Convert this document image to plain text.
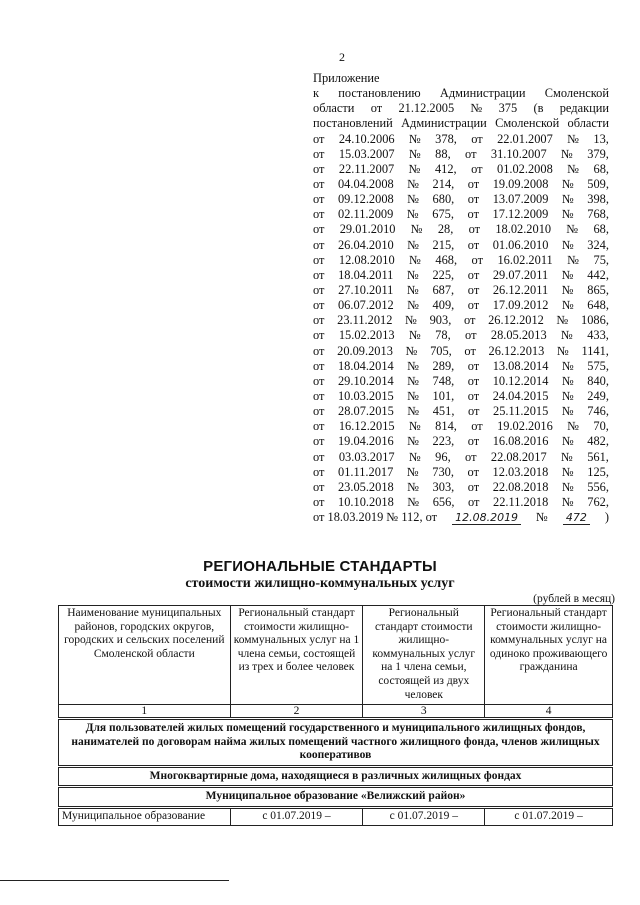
2
Приложение
к постановлению Администрации Смоленской
области от 21.12.2005 № 375 (в редакции
постановлений Администрации Смоленской области
от 24.10.2006 № 378, от 22.01.2007 № 13,
от 15.03.2007 № 88, от 31.10.2007 № 379,
от 22.11.2007 № 412, от 01.02.2008 № 68,
от 04.04.2008 № 214, от 19.09.2008 № 509,
от 09.12.2008 № 680, от 13.07.2009 № 398,
от 02.11.2009 № 675, от 17.12.2009 № 768,
от 29.01.2010 № 28, от 18.02.2010 № 68,
от 26.04.2010 № 215, от 01.06.2010 № 324,
от 12.08.2010 № 468, от 16.02.2011 № 75,
от 18.04.2011 № 225, от 29.07.2011 № 442,
от 27.10.2011 № 687, от 26.12.2011 № 865,
от 06.07.2012 № 409, от 17.09.2012 № 648,
от 23.11.2012 № 903, от 26.12.2012 № 1086,
от 15.02.2013 № 78, от 28.05.2013 № 433,
от 20.09.2013 № 705, от 26.12.2013 № 1141,
от 18.04.2014 № 289, от 13.08.2014 № 575,
от 29.10.2014 № 748, от 10.12.2014 № 840,
от 10.03.2015 № 101, от 24.04.2015 № 249,
от 28.07.2015 № 451, от 25.11.2015 № 746,
от 16.12.2015 № 814, от 19.02.2016 № 70,
от 19.04.2016 № 223, от 16.08.2016 № 482,
от 03.03.2017 № 96, от 22.08.2017 № 561,
от 01.11.2017 № 730, от 12.03.2018 № 125,
от 23.05.2018 № 303, от 22.08.2018 № 556,
от 10.10.2018 № 656, от 22.11.2018 № 762,
от 18.03.2019 № 112, от 12.08.2019 № 472 )
РЕГИОНАЛЬНЫЕ СТАНДАРТЫ
стоимости жилищно-коммунальных услуг
(рублей в месяц)
Наименование муниципальных районов, городских округов, городских и сельских поселений Смоленской области	Региональный стандарт стоимости жилищно-коммунальных услуг на 1 члена семьи, состоящей из трех и более человек	Региональный стандарт стоимости жилищно-коммунальных услуг на 1 члена семьи, состоящей из двух человек	Региональный стандарт стоимости жилищно-коммунальных услуг на одиноко проживающего гражданина
1	2	3	4
Для пользователей жилых помещений государственного и муниципального жилищных фондов, нанимателей по договорам найма жилых помещений частного жилищного фонда, членов жилищных кооперативов			
Многоквартирные дома, находящиеся в различных жилищных фондах			
Муниципальное образование «Велижский район»			
Муниципальное образование	с 01.07.2019 –	с 01.07.2019 –	с 01.07.2019 –
